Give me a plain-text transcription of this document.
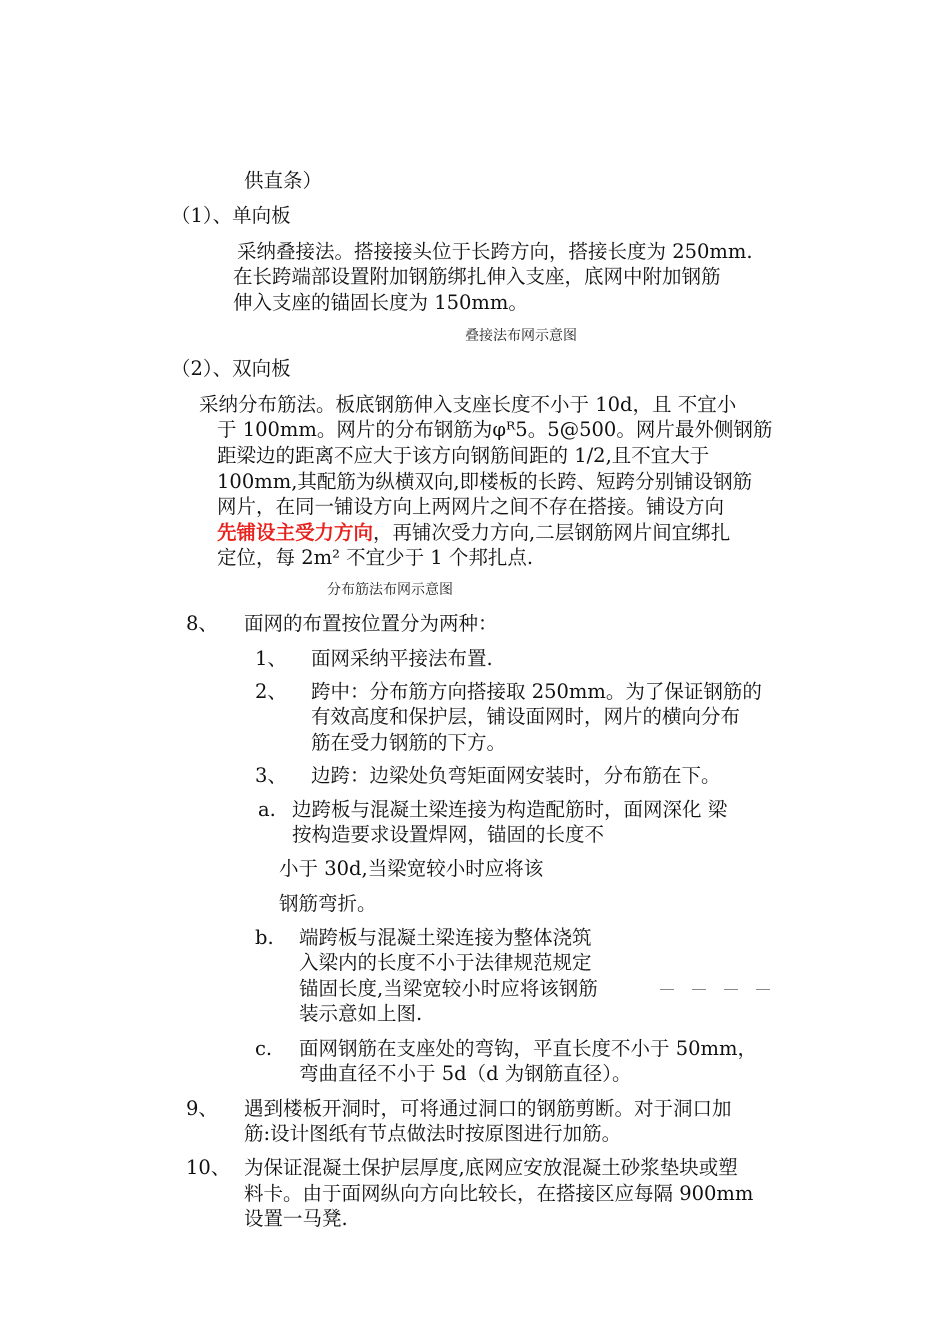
供直条）
（1）、单向板
采纳叠接法。搭接接头位于长跨方向，搭接长度为 250mm.
在长跨端部设置附加钢筋绑扎伸入支座，底网中附加钢筋
伸入支座的锚固长度为 150mm。
叠接法布网示意图
（2）、双向板
采纳分布筋法。板底钢筋伸入支座长度不小于 10d，且 不宜小
于 100mm。网片的分布钢筋为φᴿ5。5@500。网片最外侧钢筋
距梁边的距离不应大于该方向钢筋间距的 1/2,且不宜大于
100mm,其配筋为纵横双向,即楼板的长跨、短跨分别铺设钢筋
网片，在同一铺设方向上两网片之间不存在搭接。铺设方向
先铺设主受力方向，再铺次受力方向,二层钢筋网片间宜绑扎
定位，每 2m² 不宜少于 1 个邦扎点.
分布筋法布网示意图
8、 面网的布置按位置分为两种：
1、 面网采纳平接法布置.
2、 跨中：分布筋方向搭接取 250mm。为了保证钢筋的
有效高度和保护层，铺设面网时，网片的横向分布
筋在受力钢筋的下方。
3、 边跨：边梁处负弯矩面网安装时，分布筋在下。
a. 边跨板与混凝土梁连接为构造配筋时，面网深化 梁
按构造要求设置焊网，锚固的长度不
小于 30d,当梁宽较小时应将该
钢筋弯折。
b. 端跨板与混凝土梁连接为整体浇筑
入梁内的长度不小于法律规范规定
锚固长度,当梁宽较小时应将该钢筋
装示意如上图.
c. 面网钢筋在支座处的弯钩，平直长度不小于 50mm，
弯曲直径不小于 5d（d 为钢筋直径）。
9、 遇到楼板开洞时，可将通过洞口的钢筋剪断。对于洞口加
筋:设计图纸有节点做法时按原图进行加筋。
10、 为保证混凝土保护层厚度,底网应安放混凝土砂浆垫块或塑
料卡。由于面网纵向方向比较长，在搭接区应每隔 900mm
设置一马凳.
